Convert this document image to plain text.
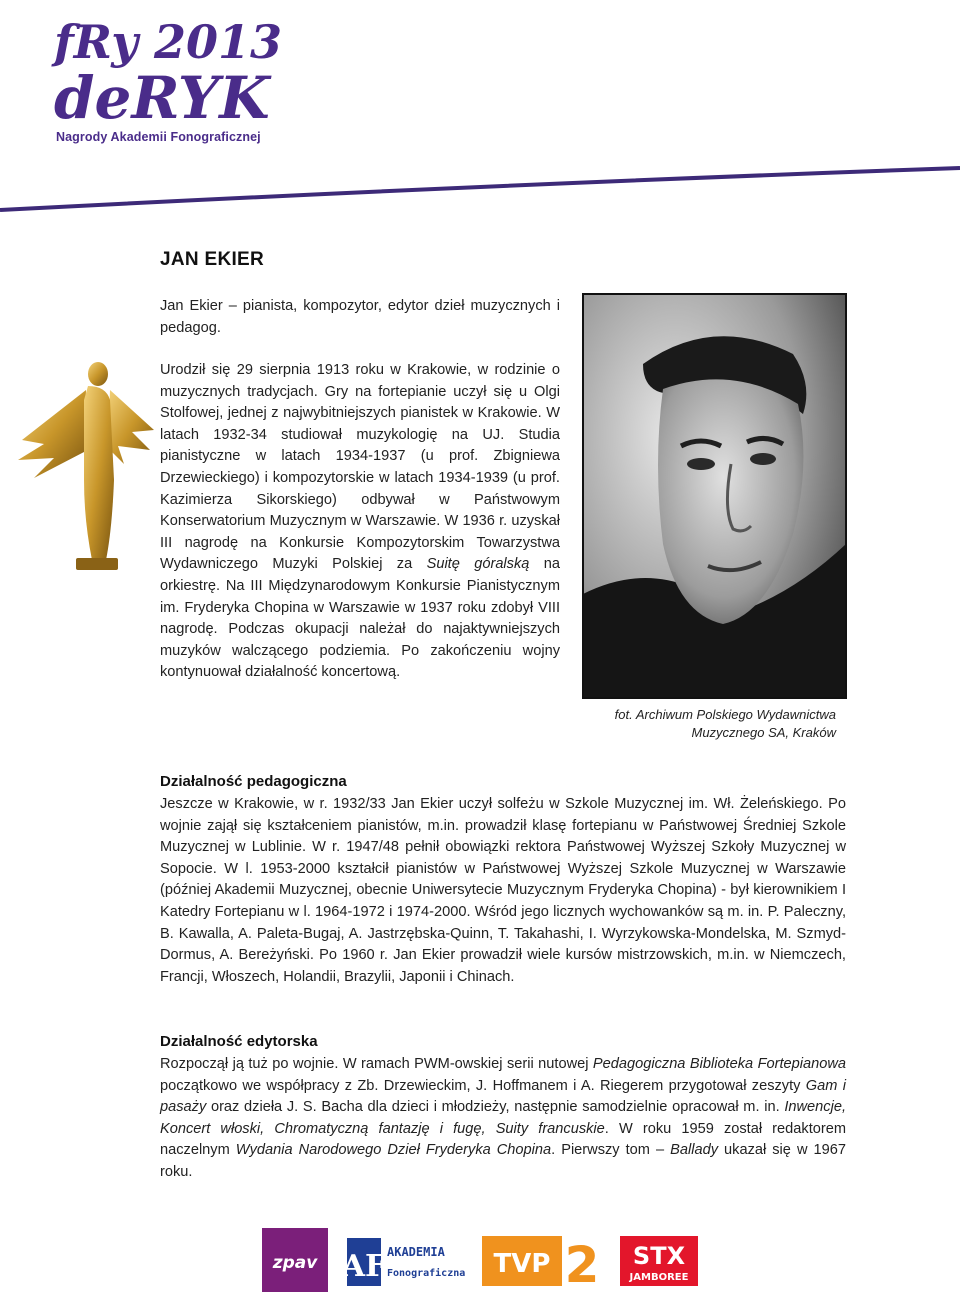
fRy 2013
deRYK
Nagrody Akademii Fonograficznej
JAN EKIER

Jan Ekier – pianista, kompozytor, edytor dzieł muzycznych i pedagog.

Urodził się 29 sierpnia 1913 roku w Krakowie, w rodzinie o muzycznych tradycjach. Gry na fortepianie uczył się u Olgi Stolfowej, jednej z najwybitniejszych pianistek w Krakowie. W latach 1932-34 studiował muzykologię na UJ. Studia pianistyczne w latach 1934-1937 (u prof. Zbigniewa Drzewieckiego) i kompozytorskie w latach 1934-1939 (u prof. Kazimierza Sikorskiego) odbywał w Państwowym Konserwatorium Muzycznym w Warszawie. W 1936 r. uzyskał III nagrodę na Konkursie Kompozytorskim Towarzystwa Wydawniczego Muzyki Polskiej za Suitę góralską na orkiestrę. Na III Międzynarodowym Konkursie Pianistycznym im. Fryderyka Chopina w Warszawie w 1937 roku zdobył VIII nagrodę. Podczas okupacji należał do najaktywniejszych muzyków walczącego podziemia. Po zakończeniu wojny kontynuował działalność koncertową.

fot. Archiwum Polskiego Wydawnictwa Muzycznego SA, Kraków
Działalność pedagogiczna
Jeszcze w Krakowie, w r. 1932/33 Jan Ekier uczył solfeżu w Szkole Muzycznej im. Wł. Żeleńskiego. Po wojnie zajął się kształceniem pianistów, m.in. prowadził klasę fortepianu w Państwowej Średniej Szkole Muzycznej w Lublinie. W r. 1947/48 pełnił obowiązki rektora Państwowej Wyższej Szkoły Muzycznej w Sopocie. W l. 1953-2000 kształcił pianistów w Państwowej Wyższej Szkole Muzycznej w Warszawie (później Akademii Muzycznej, obecnie Uniwersytecie Muzycznym Fryderyka Chopina) - był kierownikiem I Katedry Fortepianu w l. 1964-1972 i 1974-2000. Wśród jego licznych wychowanków są m. in. P. Paleczny, B. Kawalla, A. Paleta-Bugaj, A. Jastrzębska-Quinn, T. Takahashi, I. Wyrzykowska-Mondelska, M. Szmyd-Dormus, A. Bereżyński. Po 1960 r. Jan Ekier prowadził wiele kursów mistrzowskich, m.in. w Niemczech, Francji, Włoszech, Holandii, Brazylii, Japonii i Chinach.
Działalność edytorska
Rozpoczął ją tuż po wojnie. W ramach PWM-owskiej serii nutowej Pedagogiczna Biblioteka Fortepianowa początkowo we współpracy z Zb. Drzewieckim, J. Hoffmanem i A. Riegerem przygotował zeszyty Gam i pasaży oraz dzieła J. S. Bacha dla dzieci i młodzieży, następnie samodzielnie opracował m. in. Inwencje, Koncert włoski, Chromatyczną fantazję i fugę, Suity francuskie. W roku 1959 został redaktorem naczelnym Wydania Narodowego Dzieł Fryderyka Chopina. Pierwszy tom – Ballady ukazał się w 1967 roku.
zpav AF AKADEMIA
Fonograficzna TVP 2 STX
JAMBOREE
